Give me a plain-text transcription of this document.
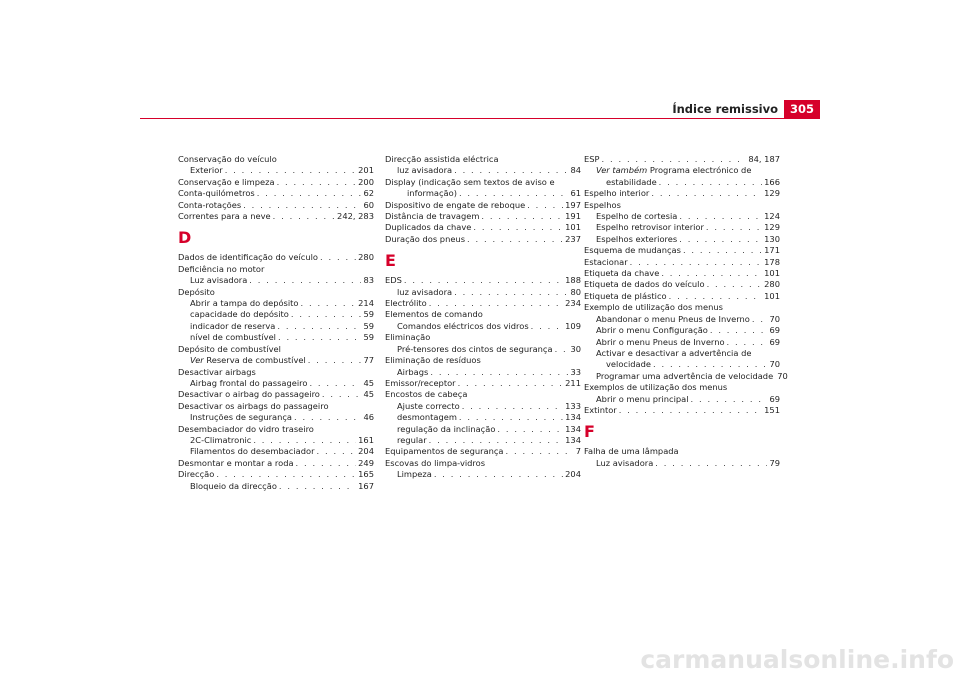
Índice remissivo	305
Conservação do veículo
Exterior . . .	201
Conservação e limpeza . . .	200
Conta-quilómetros . . .	62
Conta-rotações . . .	60
Correntes para a neve . . .	242, 283
D
Dados de identificação do veículo . . .	280
Deficiência no motor
Luz avisadora . . .	83
Depósito
Abrir a tampa do depósito . . .	214
capacidade do depósito . . .	59
indicador de reserva . . .	59
nível de combustível . . .	59
Depósito de combustível
Ver Reserva de combustível . . .	77
Desactivar airbags
Airbag frontal do passageiro . . .	45
Desactivar o airbag do passageiro . . .	45
Desactivar os airbags do passageiro
Instruções de segurança . . .	46
Desembaciador do vidro traseiro
2C-Climatronic . . .	161
Filamentos do desembaciador . . .	204
Desmontar e montar a roda . . .	249
Direcção . . .	165
Bloqueio da direcção . . .	167
Direcção assistida eléctrica
luz avisadora . . .	84
Display (indicação sem textos de aviso e
informação) . . .	61
Dispositivo de engate de reboque . . .	197
Distância de travagem . . .	191
Duplicados da chave . . .	101
Duração dos pneus . . .	237
E
EDS . . .	188
luz avisadora . . .	80
Electrólito . . .	234
Elementos de comando
Comandos eléctricos dos vidros . . .	109
Eliminação
Pré-tensores dos cintos de segurança . . . 30
Eliminação de resíduos
Airbags . . .	33
Emissor/receptor . . .	211
Encostos de cabeça
Ajuste correcto . . .	133
desmontagem . . .	134
regulação da inclinação . . .	134
regular . . .	134
Equipamentos de segurança . . .	7
Escovas do limpa-vidros
Limpeza . . .	204
ESP . . .	84, 187
Ver também Programa electrónico de
estabilidade . . .	166
Espelho interior . . .	129
Espelhos
Espelho de cortesia . . .	124
Espelho retrovisor interior . . .	129
Espelhos exteriores . . .	130
Esquema de mudanças . . .	171
Estacionar . . .	178
Etiqueta da chave . . .	101
Etiqueta de dados do veículo . . .	280
Etiqueta de plástico . . .	101
Exemplo de utilização dos menus
Abandonar o menu Pneus de Inverno . . . 70
Abrir o menu Configuração . . .	69
Abrir o menu Pneus de Inverno . . .	69
Activar e desactivar a advertência de
velocidade . . .	70
Programar uma advertência de velocidade 70
Exemplos de utilização dos menus
Abrir o menu principal . . .	69
Extintor . . .	151
F
Falha de uma lâmpada
Luz avisadora . . .	79
carmanualsonline.info
